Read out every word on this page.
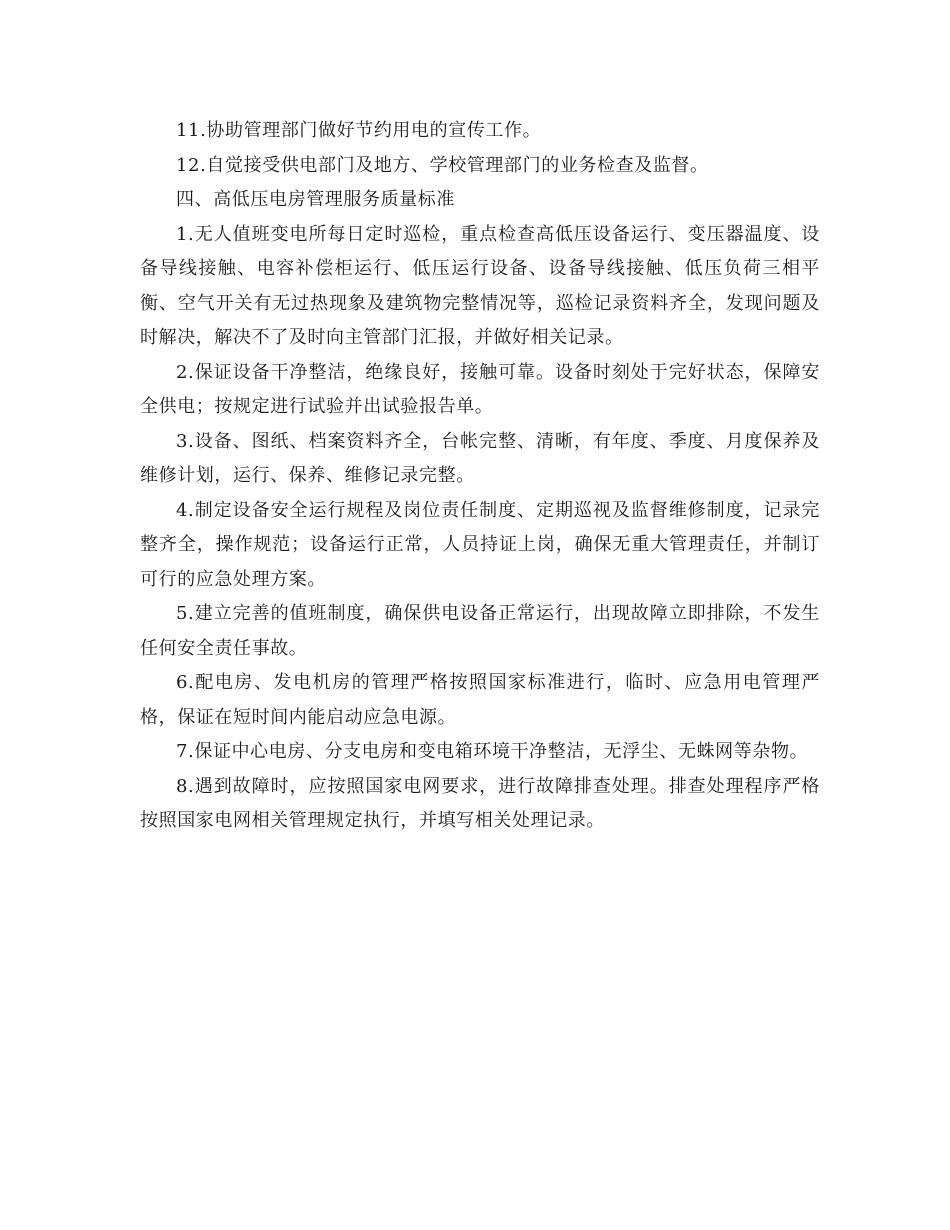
11.协助管理部门做好节约用电的宣传工作。

12.自觉接受供电部门及地方、学校管理部门的业务检查及监督。

四、高低压电房管理服务质量标准

1.无人值班变电所每日定时巡检，重点检查高低压设备运行、变压器温度、设备导线接触、电容补偿柜运行、低压运行设备、设备导线接触、低压负荷三相平衡、空气开关有无过热现象及建筑物完整情况等，巡检记录资料齐全，发现问题及时解决，解决不了及时向主管部门汇报，并做好相关记录。

2.保证设备干净整洁，绝缘良好，接触可靠。设备时刻处于完好状态，保障安全供电；按规定进行试验并出试验报告单。

3.设备、图纸、档案资料齐全，台帐完整、清晰，有年度、季度、月度保养及维修计划，运行、保养、维修记录完整。

4.制定设备安全运行规程及岗位责任制度、定期巡视及监督维修制度，记录完整齐全，操作规范；设备运行正常，人员持证上岗，确保无重大管理责任，并制订可行的应急处理方案。

5.建立完善的值班制度，确保供电设备正常运行，出现故障立即排除，不发生任何安全责任事故。

6.配电房、发电机房的管理严格按照国家标准进行，临时、应急用电管理严格，保证在短时间内能启动应急电源。

7.保证中心电房、分支电房和变电箱环境干净整洁，无浮尘、无蛛网等杂物。

8.遇到故障时，应按照国家电网要求，进行故障排查处理。排查处理程序严格按照国家电网相关管理规定执行，并填写相关处理记录。
